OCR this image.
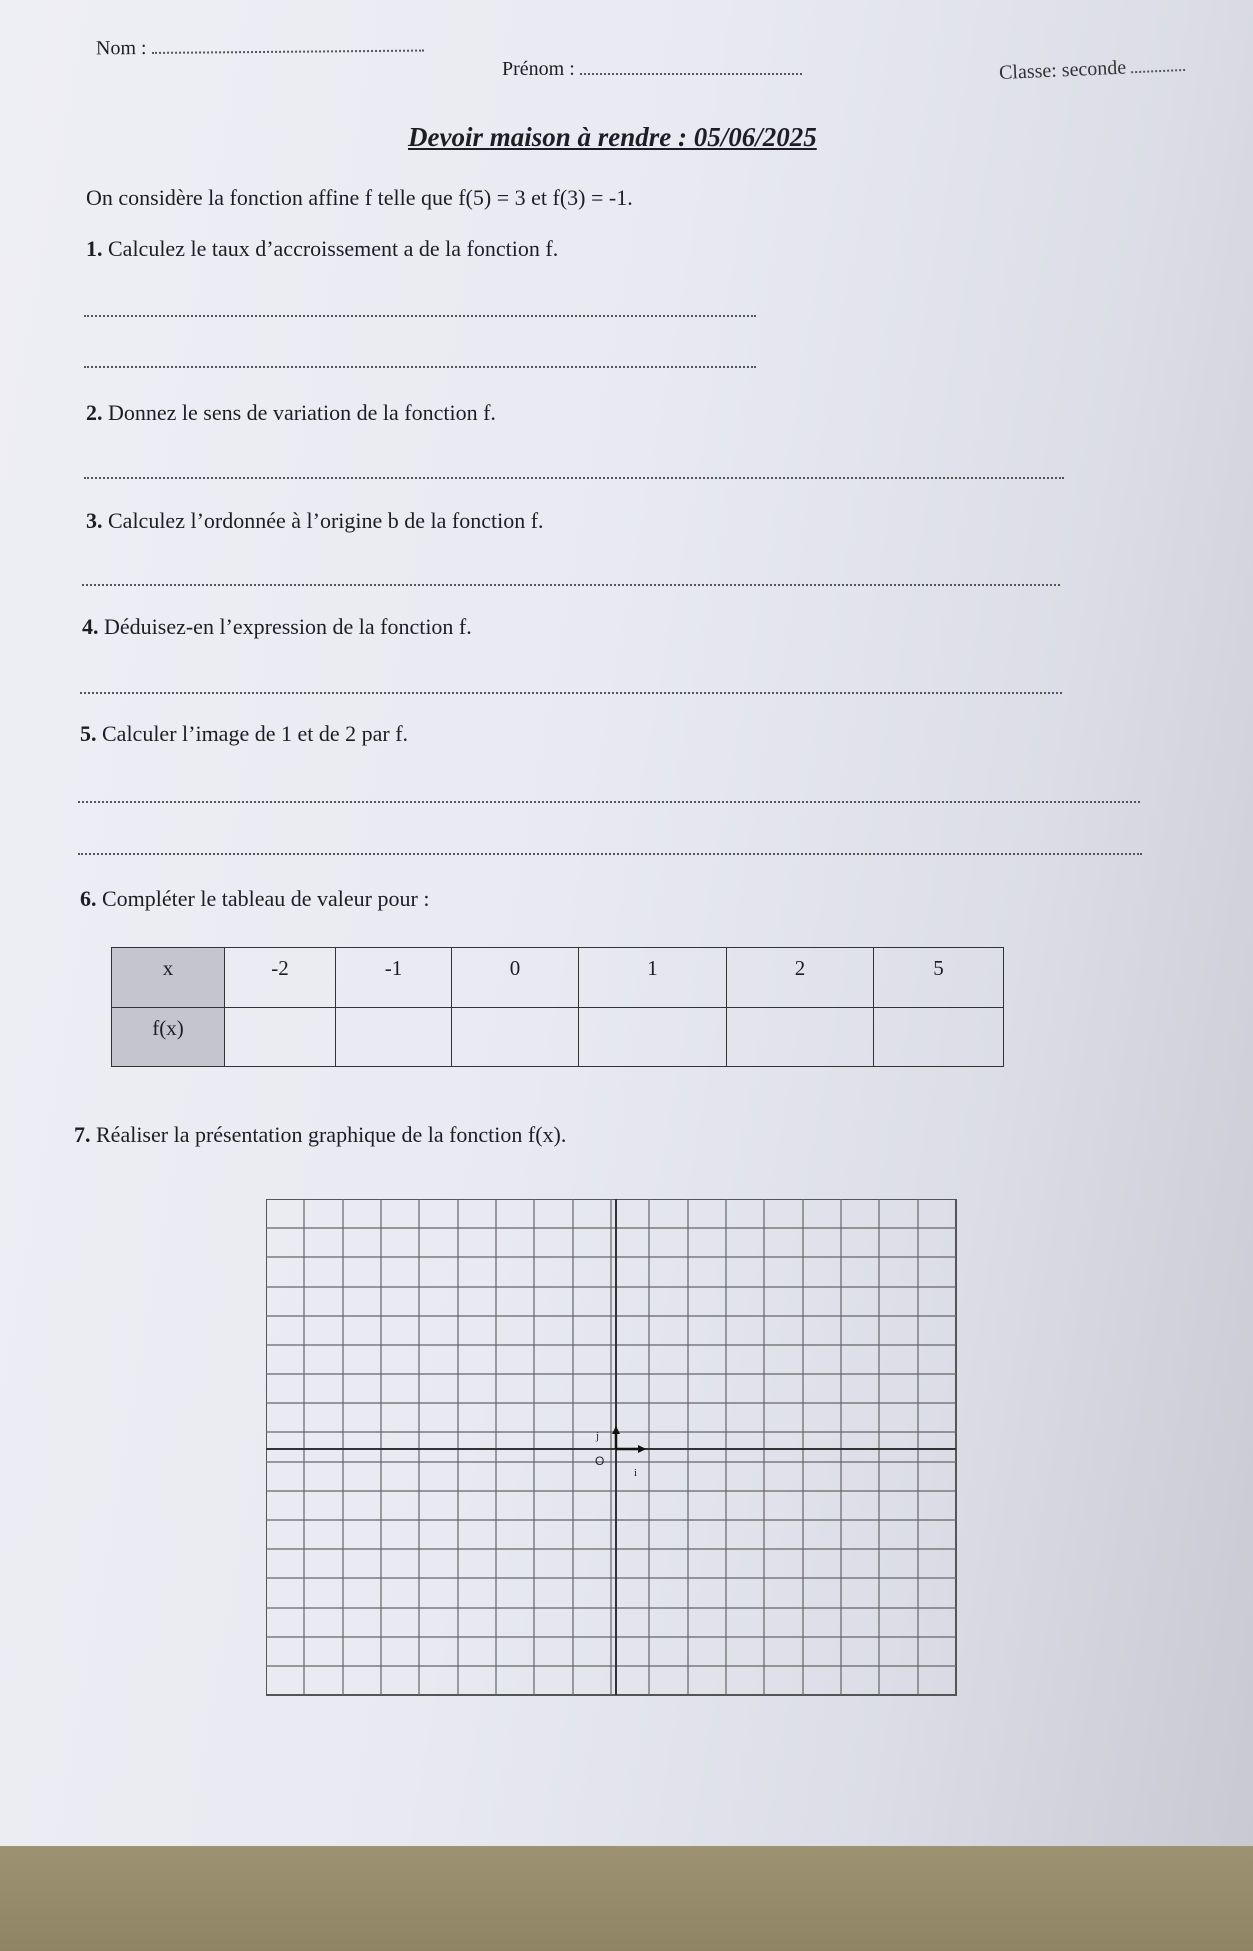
Nom :
Prénom :	Classe: seconde
Devoir maison à rendre : 05/06/2025
On considère la fonction affine f telle que f(5) = 3 et f(3) = -1.
1. Calculez le taux d’accroissement a de la fonction f.
2. Donnez le sens de variation de la fonction f.
3. Calculez l’ordonnée à l’origine b de la fonction f.
4. Déduisez-en l’expression de la fonction f.
5. Calculer l’image de 1 et de 2 par f.
6. Compléter le tableau de valeur pour :
x	-2	-1	0	1	2	5
f(x)						
7. Réaliser la présentation graphique de la fonction f(x).
O
i
j
